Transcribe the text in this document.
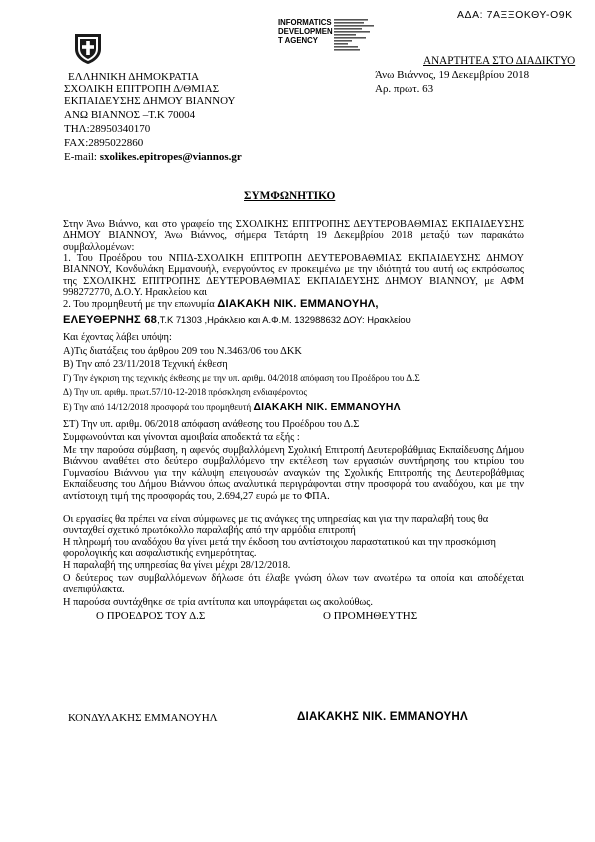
ΑΔΑ: 7ΑΞΞΟΚΘΥ-Ο9Κ
INFORMATICS
DEVELOPMEN
T AGENCY
ΑΝΑΡΤΗΤΕΑ ΣΤΟ ΔΙΑΔΙΚΤΥΟ
ΕΛΛΗΝΙΚΗ ΔΗΜΟΚΡΑΤΙΑ
ΣΧΟΛΙΚΗ ΕΠΙΤΡΟΠΗ Δ/ΘΜΙΑΣ
ΕΚΠΑΙΔΕΥΣΗΣ ΔΗΜΟΥ ΒΙΑΝΝΟΥ
ΑΝΩ ΒΙΑΝΝΟΣ –Τ.Κ 70004
ΤΗΛ:28950340170
FAX:2895022860
E-mail: sxolikes.epitropes@viannos.gr
Άνω Βιάννος, 19 Δεκεμβρίου 2018
Αρ. πρωτ. 63
ΣΥΜΦΩΝΗΤΙΚΟ
Στην Άνω Βιάννο, και στο γραφείο της ΣΧΟΛΙΚΗΣ ΕΠΙΤΡΟΠΗΣ ΔΕΥΤΕΡΟΒΑΘΜΙΑΣ ΕΚΠΑΙΔΕΥΣΗΣ ΔΗΜΟΥ ΒΙΑΝΝΟΥ, Άνω Βιάννος, σήμερα Τετάρτη 19 Δεκεμβρίου 2018 μεταξύ των παρακάτω συμβαλλομένων:
1. Του Προέδρου του ΝΠΙΔ-ΣΧΟΛΙΚΗ ΕΠΙΤΡΟΠΗ ΔΕΥΤΕΡΟΒΑΘΜΙΑΣ ΕΚΠΑΙΔΕΥΣΗΣ ΔΗΜΟΥ ΒΙΑΝΝΟΥ, Κονδυλάκη Εμμανουήλ, ενεργούντος εν προκειμένω με την ιδιότητά του αυτή ως εκπρόσωπος της ΣΧΟΛΙΚΗΣ ΕΠΙΤΡΟΠΗΣ ΔΕΥΤΕΡΟΒΑΘΜΙΑΣ ΕΚΠΑΙΔΕΥΣΗΣ ΔΗΜΟΥ ΒΙΑΝΝΟΥ, με ΑΦΜ 998272770, Δ.Ο.Υ. Ηρακλείου και
2. Του προμηθευτή με την επωνυμία ΔΙΑΚΑΚΗ ΝΙΚ. ΕΜΜΑΝΟΥΗΛ,
ΕΛΕΥΘΕΡΝΗΣ 68,Τ.Κ 71303 ,Ηράκλειο και Α.Φ.Μ. 132988632 ΔΟΥ: Ηρακλείου
Και έχοντας λάβει υπόψη:
Α)Τις διατάξεις του άρθρου 209 του Ν.3463/06 του ΔΚΚ
Β) Την από 23/11/2018 Τεχνική έκθεση
Γ) Την έγκριση της τεχνικής έκθεσης με την υπ. αριθμ. 04/2018 απόφαση του Προέδρου του Δ.Σ
Δ) Την υπ. αριθμ. πρωτ.57/10-12-2018 πρόσκληση ενδιαφέροντος
Ε) Την από 14/12/2018 προσφορά του προμηθευτή ΔΙΑΚΑΚΗ ΝΙΚ. ΕΜΜΑΝΟΥΗΛ
ΣΤ) Την υπ. αριθμ. 06/2018 απόφαση ανάθεσης του Προέδρου του Δ.Σ
Συμφωνούνται και γίνονται αμοιβαία αποδεκτά τα εξής :
Με την παρούσα σύμβαση, η αφενός συμβαλλόμενη Σχολική Επιτροπή Δευτεροβάθμιας Εκπαίδευσης Δήμου Βιάννου αναθέτει στο δεύτερο συμβαλλόμενο την εκτέλεση των εργασιών συντήρησης του κτιρίου του Γυμνασίου Βιάννου για την κάλυψη επειγουσών αναγκών της Σχολικής Επιτροπής της Δευτεροβάθμιας Εκπαίδευσης του Δήμου Βιάννου όπως αναλυτικά περιγράφονται στην προσφορά του αναδόχου, και με την αντίστοιχη τιμή της προσφοράς του, 2.694,27 ευρώ με το ΦΠΑ.
Οι εργασίες θα πρέπει να είναι σύμφωνες με τις ανάγκες της υπηρεσίας και για την παραλαβή τους θα συνταχθεί σχετικό πρωτόκολλο παραλαβής από την αρμόδια επιτροπή
Η πληρωμή του αναδόχου θα γίνει μετά την έκδοση του αντίστοιχου παραστατικού και την προσκόμιση φορολογικής και ασφαλιστικής ενημερότητας.
Η παραλαβή της υπηρεσίας θα γίνει μέχρι 28/12/2018.
Ο δεύτερος των συμβαλλόμενων δήλωσε ότι έλαβε γνώση όλων των ανωτέρω τα οποία και αποδέχεται ανεπιφύλακτα.
Η παρούσα συντάχθηκε σε τρία αντίτυπα και υπογράφεται ως ακολούθως.
Ο ΠΡΟΕΔΡΟΣ ΤΟΥ Δ.Σ	Ο ΠΡΟΜΗΘΕΥΤΗΣ
ΚΟΝΔΥΛΑΚΗΣ ΕΜΜΑΝΟΥΗΛ	ΔΙΑΚΑΚΗΣ ΝΙΚ. ΕΜΜΑΝΟΥΗΛ
